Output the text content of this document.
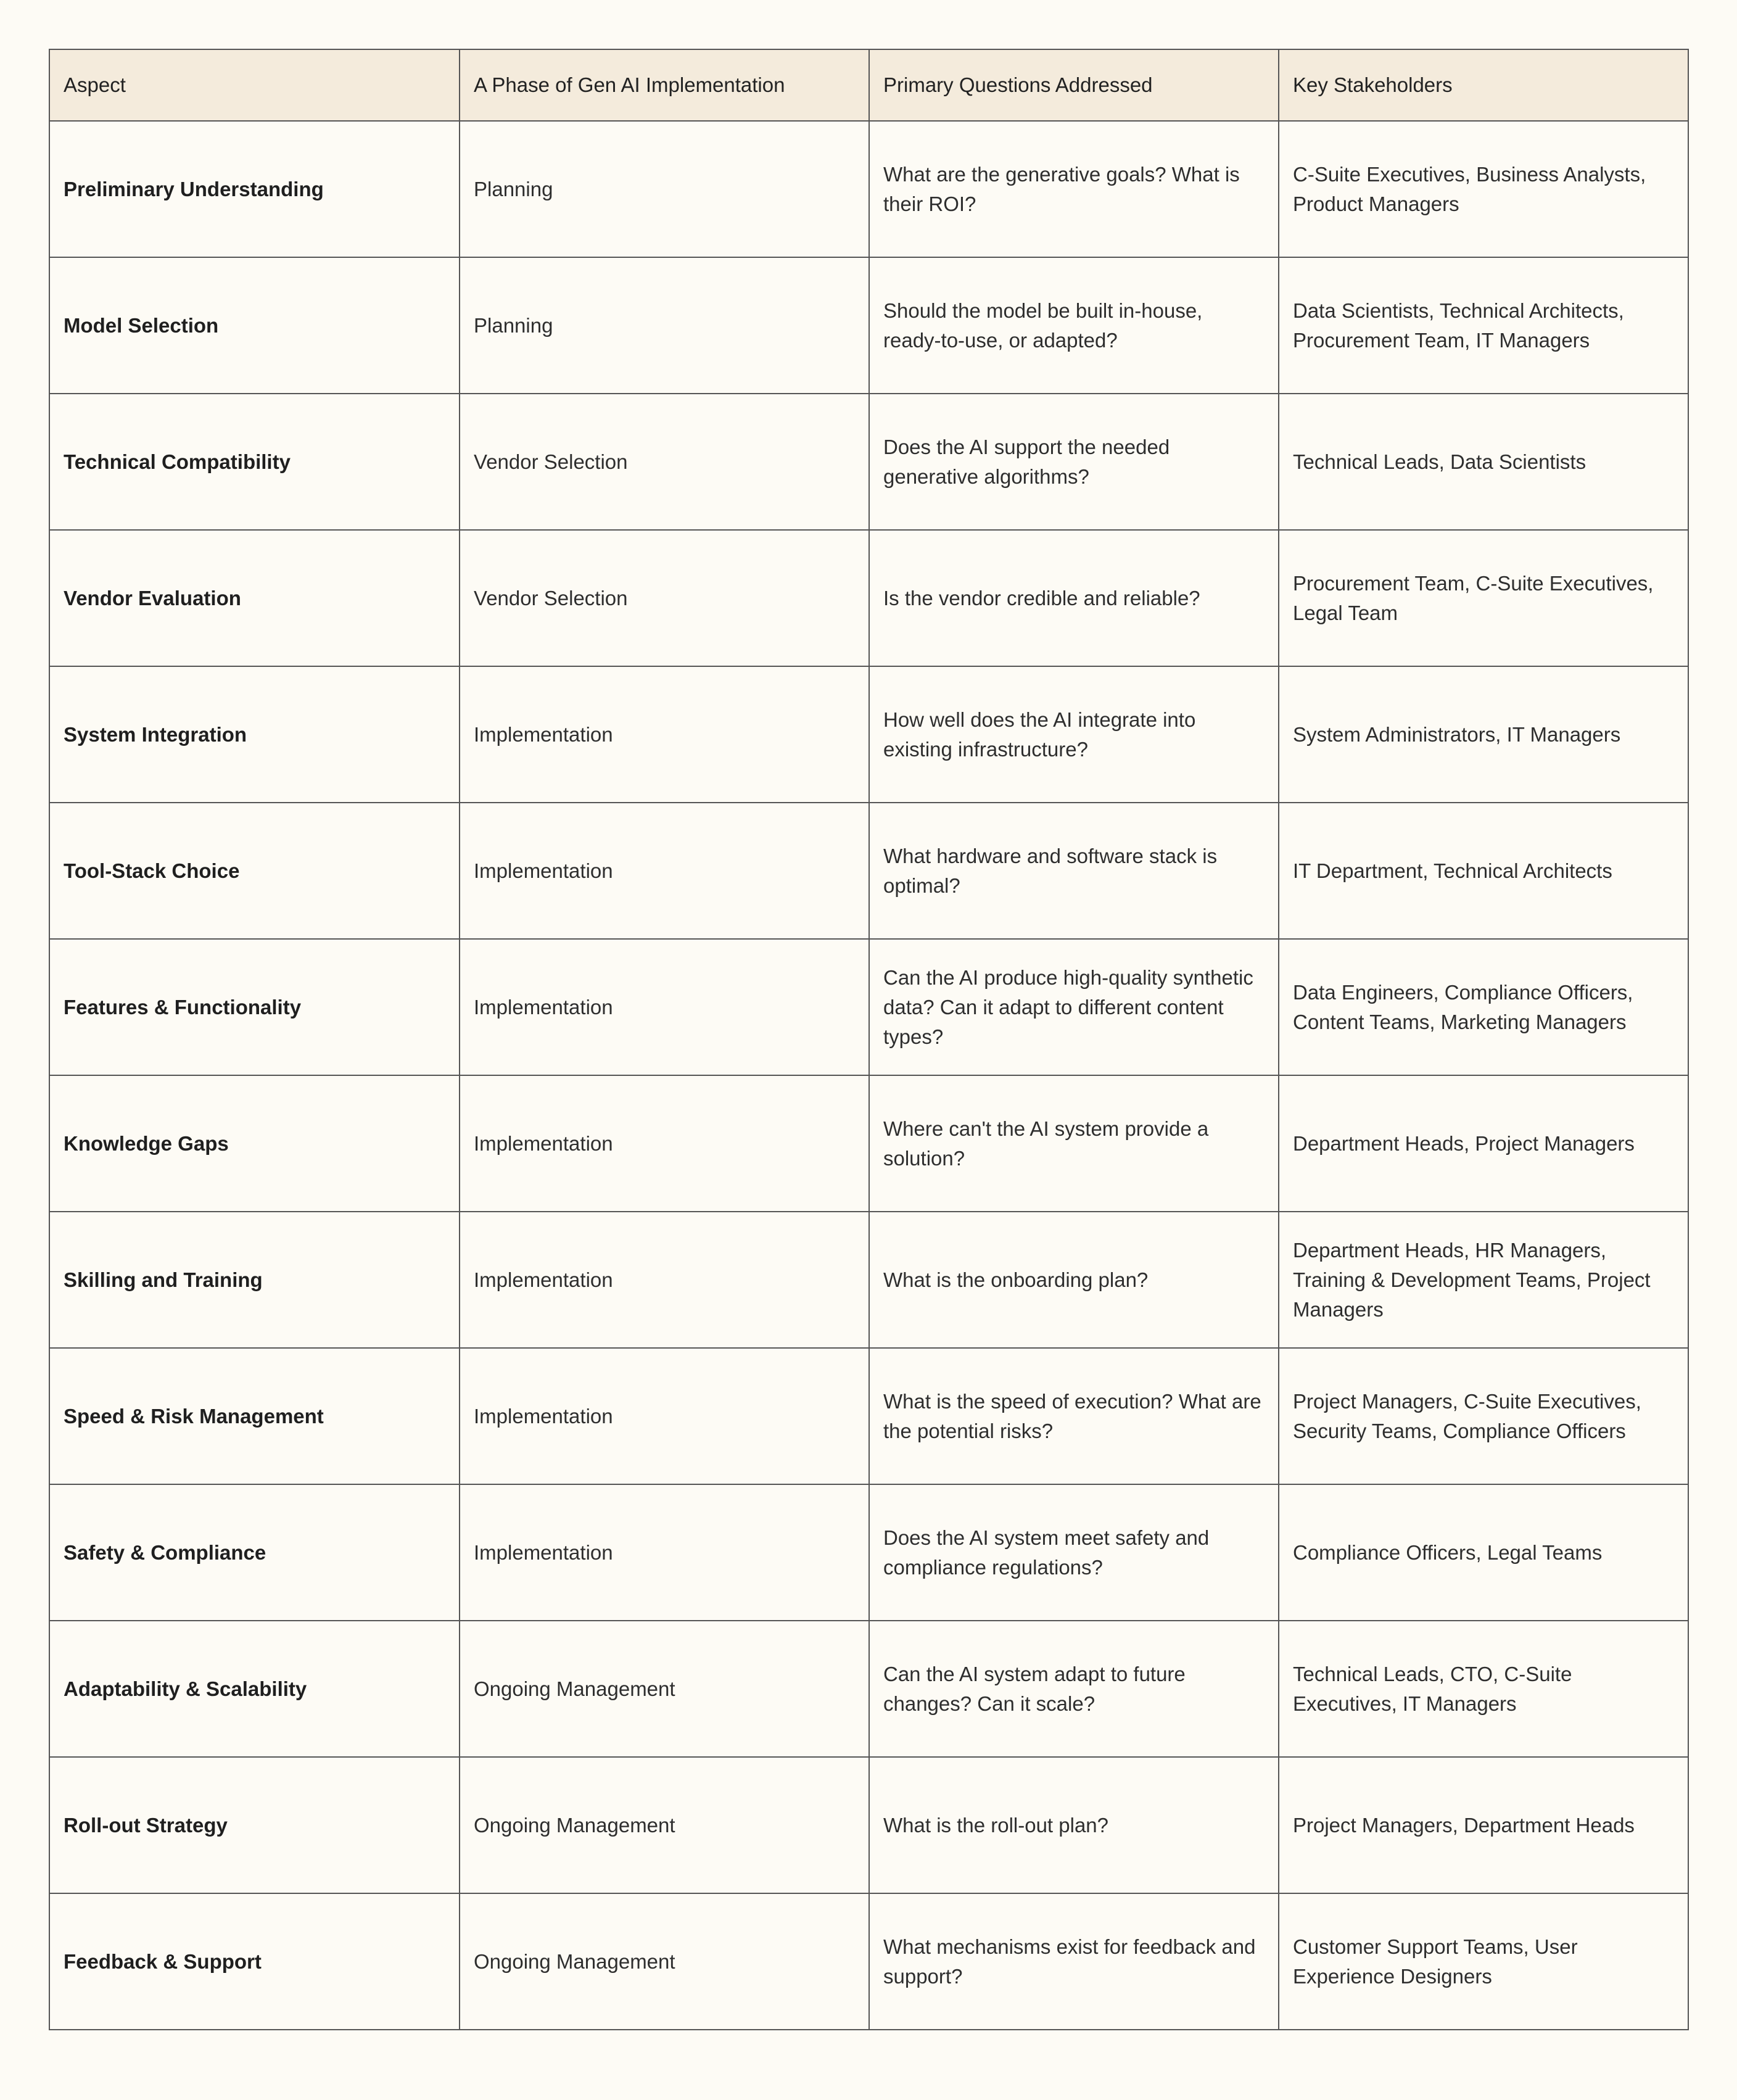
Aspect	A Phase of Gen AI Implementation	Primary Questions Addressed	Key Stakeholders
Preliminary Understanding	Planning	What are the generative goals? What is their ROI?	C-Suite Executives, Business Analysts, Product Managers
Model Selection	Planning	Should the model be built in-house, ready-to-use, or adapted?	Data Scientists, Technical Architects, Procurement Team, IT Managers
Technical Compatibility	Vendor Selection	Does the AI support the needed generative algorithms?	Technical Leads, Data Scientists
Vendor Evaluation	Vendor Selection	Is the vendor credible and reliable?	Procurement Team, C-Suite Executives, Legal Team
System Integration	Implementation	How well does the AI integrate into existing infrastructure?	System Administrators, IT Managers
Tool-Stack Choice	Implementation	What hardware and software stack is optimal?	IT Department, Technical Architects
Features & Functionality	Implementation	Can the AI produce high-quality synthetic data? Can it adapt to different content types?	Data Engineers, Compliance Officers, Content Teams, Marketing Managers
Knowledge Gaps	Implementation	Where can't the AI system provide a solution?	Department Heads, Project Managers
Skilling and Training	Implementation	What is the onboarding plan?	Department Heads, HR Managers, Training & Development Teams, Project Managers
Speed & Risk Management	Implementation	What is the speed of execution? What are the potential risks?	Project Managers, C-Suite Executives, Security Teams, Compliance Officers
Safety & Compliance	Implementation	Does the AI system meet safety and compliance regulations?	Compliance Officers, Legal Teams
Adaptability & Scalability	Ongoing Management	Can the AI system adapt to future changes? Can it scale?	Technical Leads, CTO, C-Suite Executives, IT Managers
Roll-out Strategy	Ongoing Management	What is the roll-out plan?	Project Managers, Department Heads
Feedback & Support	Ongoing Management	What mechanisms exist for feedback and support?	Customer Support Teams, User Experience Designers
